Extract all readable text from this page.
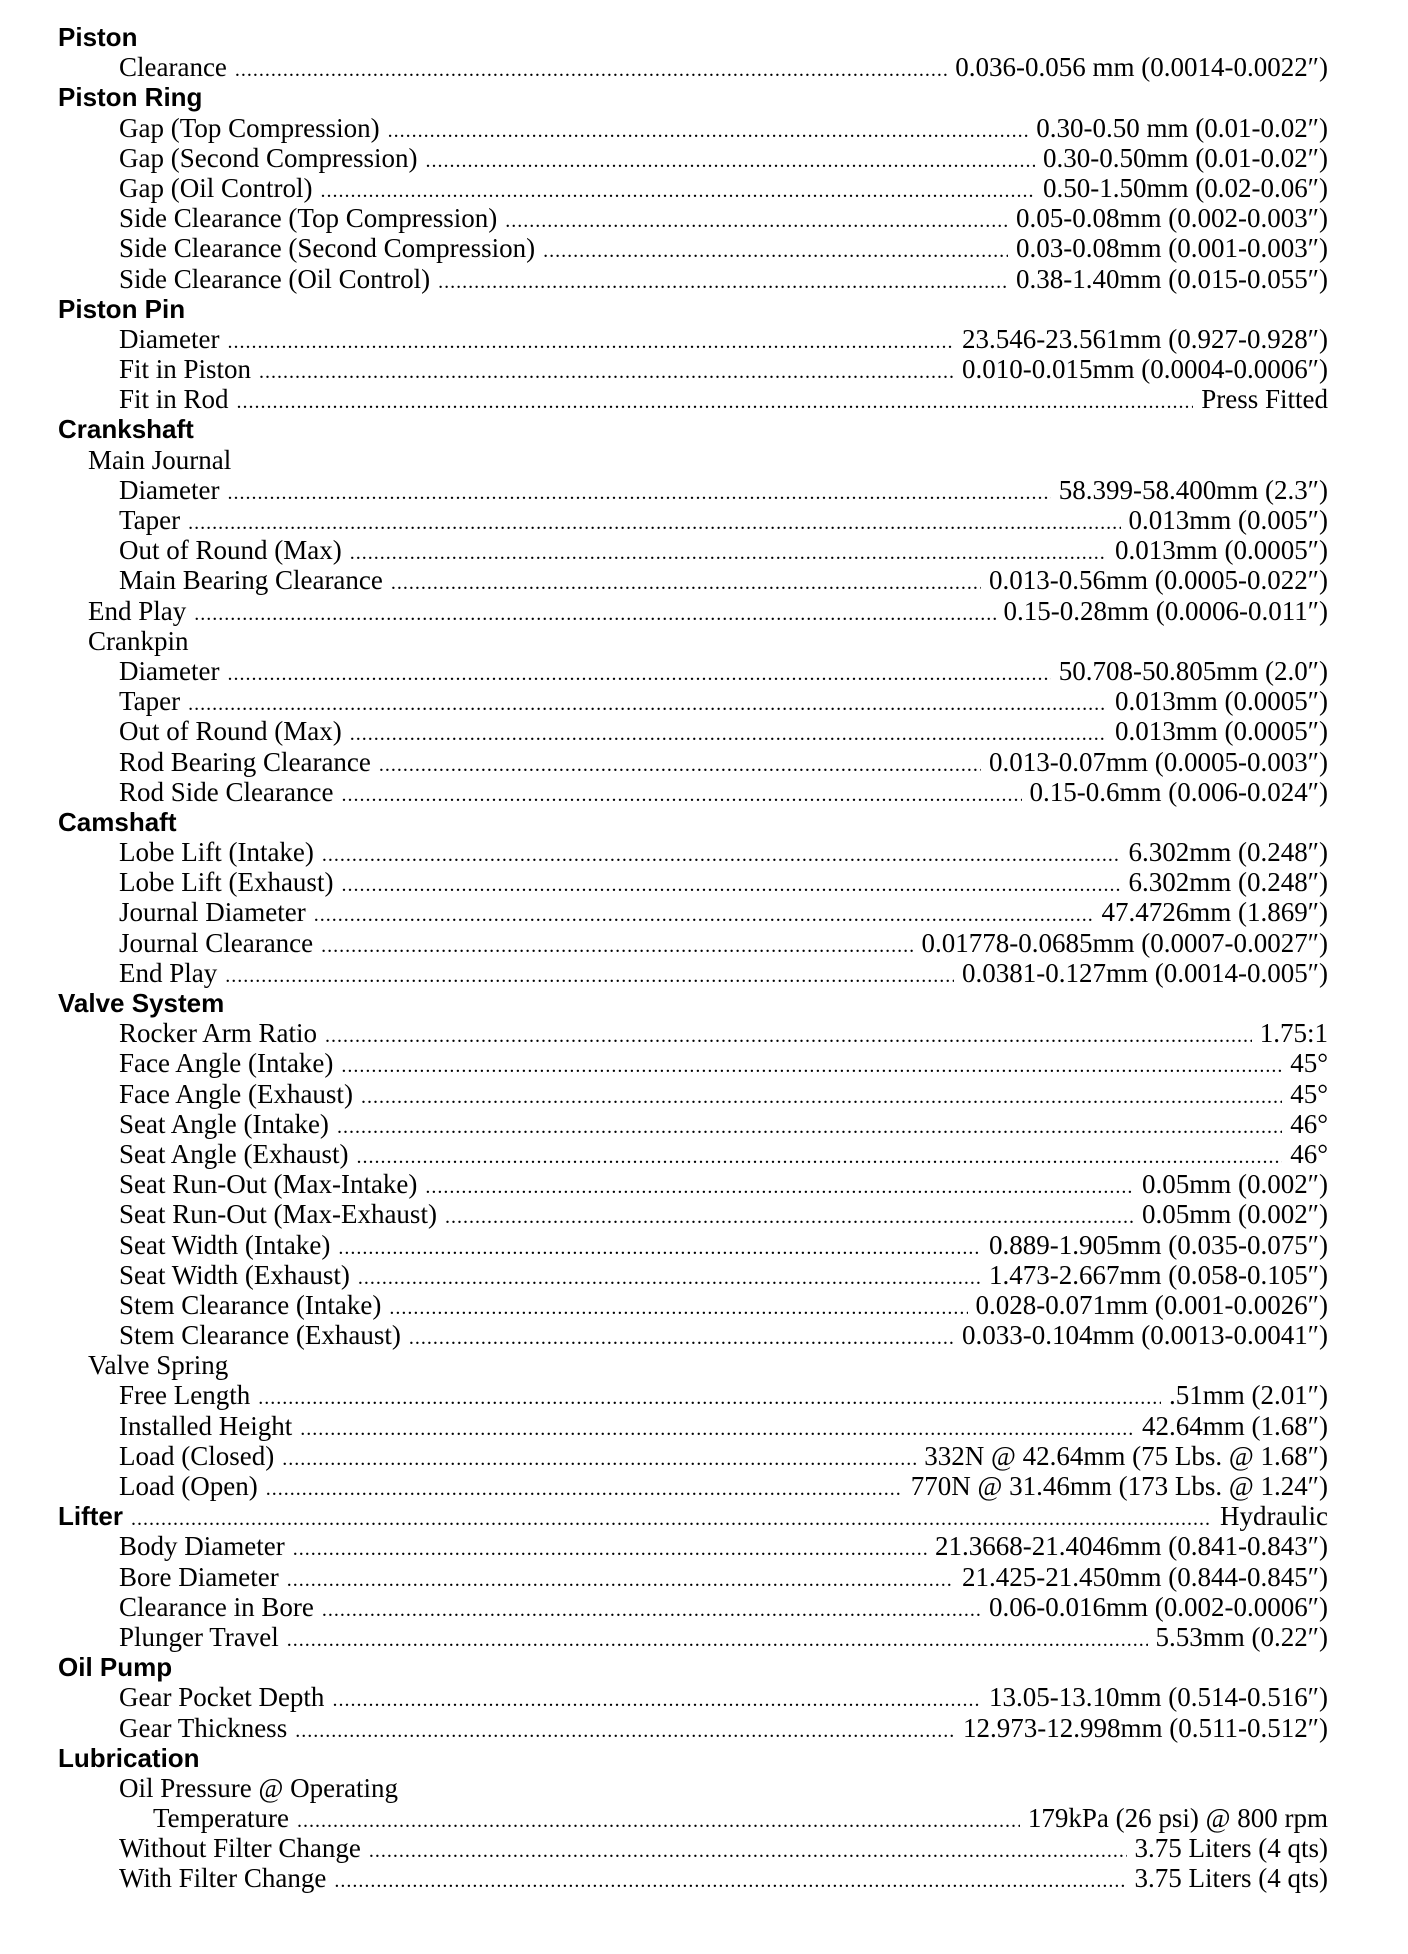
Piston
Clearance .....	0.036-0.056 mm (0.0014-0.0022″)
Piston Ring
Gap (Top Compression) .....	0.30-0.50 mm (0.01-0.02″)
Gap (Second Compression) .....	0.30-0.50mm (0.01-0.02″)
Gap (Oil Control) .....	0.50-1.50mm (0.02-0.06″)
Side Clearance (Top Compression) .....	0.05-0.08mm (0.002-0.003″)
Side Clearance (Second Compression) .....	0.03-0.08mm (0.001-0.003″)
Side Clearance (Oil Control) .....	0.38-1.40mm (0.015-0.055″)
Piston Pin
Diameter .....	23.546-23.561mm (0.927-0.928″)
Fit in Piston .....	0.010-0.015mm (0.0004-0.0006″)
Fit in Rod .....	Press Fitted
Crankshaft
Main Journal
Diameter .....	58.399-58.400mm (2.3″)
Taper .....	0.013mm (0.005″)
Out of Round (Max) .....	0.013mm (0.0005″)
Main Bearing Clearance .....	0.013-0.56mm (0.0005-0.022″)
End Play .....	0.15-0.28mm (0.0006-0.011″)
Crankpin
Diameter .....	50.708-50.805mm (2.0″)
Taper .....	0.013mm (0.0005″)
Out of Round (Max) .....	0.013mm (0.0005″)
Rod Bearing Clearance .....	0.013-0.07mm (0.0005-0.003″)
Rod Side Clearance .....	0.15-0.6mm (0.006-0.024″)
Camshaft
Lobe Lift (Intake) .....	6.302mm (0.248″)
Lobe Lift (Exhaust) .....	6.302mm (0.248″)
Journal Diameter .....	47.4726mm (1.869″)
Journal Clearance .....	0.01778-0.0685mm (0.0007-0.0027″)
End Play .....	0.0381-0.127mm (0.0014-0.005″)
Valve System
Rocker Arm Ratio .....	1.75:1
Face Angle (Intake) .....	45°
Face Angle (Exhaust) .....	45°
Seat Angle (Intake) .....	46°
Seat Angle (Exhaust) .....	46°
Seat Run-Out (Max-Intake) .....	0.05mm (0.002″)
Seat Run-Out (Max-Exhaust) .....	0.05mm (0.002″)
Seat Width (Intake) .....	0.889-1.905mm (0.035-0.075″)
Seat Width (Exhaust) .....	1.473-2.667mm (0.058-0.105″)
Stem Clearance (Intake) .....	0.028-0.071mm (0.001-0.0026″)
Stem Clearance (Exhaust) .....	0.033-0.104mm (0.0013-0.0041″)
Valve Spring
Free Length .....	.51mm (2.01″)
Installed Height .....	42.64mm (1.68″)
Load (Closed) .....	332N @ 42.64mm (75 Lbs. @ 1.68″)
Load (Open) .....	770N @ 31.46mm (173 Lbs. @ 1.24″)
Lifter .....	Hydraulic
Body Diameter .....	21.3668-21.4046mm (0.841-0.843″)
Bore Diameter .....	21.425-21.450mm (0.844-0.845″)
Clearance in Bore .....	0.06-0.016mm (0.002-0.0006″)
Plunger Travel .....	5.53mm (0.22″)
Oil Pump
Gear Pocket Depth .....	13.05-13.10mm (0.514-0.516″)
Gear Thickness .....	12.973-12.998mm (0.511-0.512″)
Lubrication
Oil Pressure @ Operating
Temperature .....	179kPa (26 psi) @ 800 rpm
Without Filter Change .....	3.75 Liters (4 qts)
With Filter Change .....	3.75 Liters (4 qts)
